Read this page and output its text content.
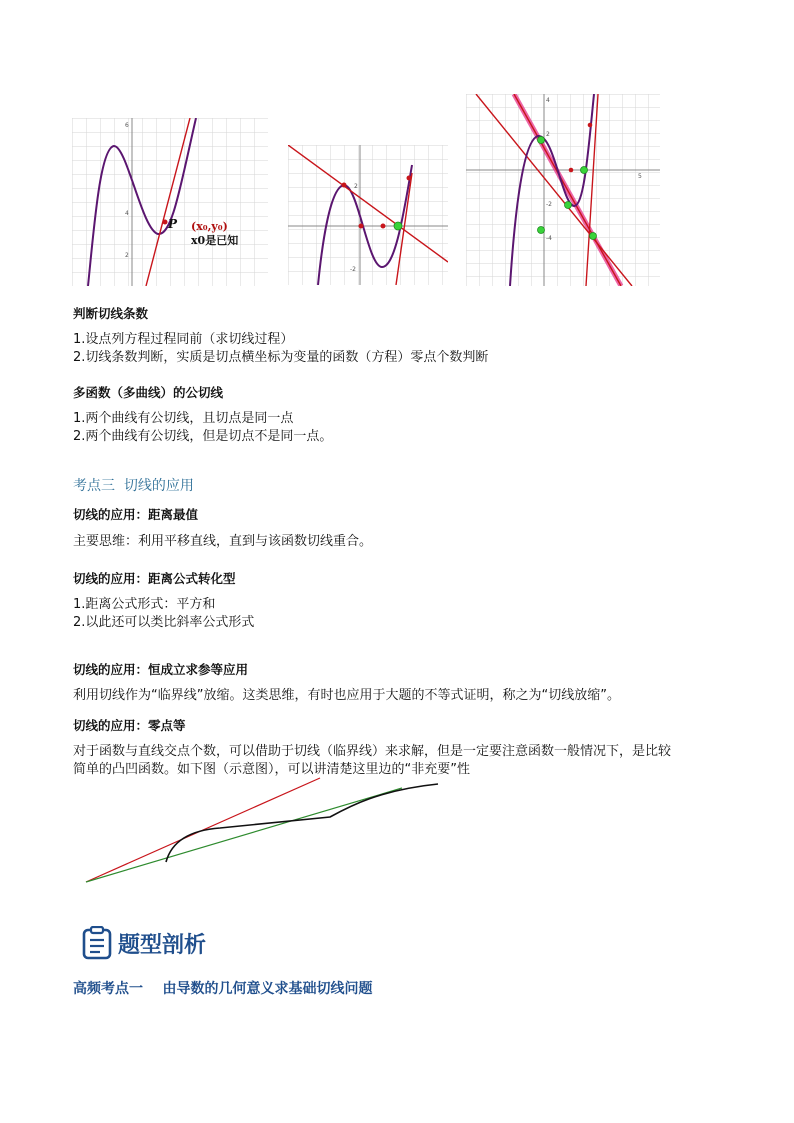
6
4
2
P (x₀,y₀)
x0是已知
2
-2
4
2
-2
-4
5
判断切线条数
1.设点列方程过程同前（求切线过程）
2.切线条数判断，实质是切点横坐标为变量的函数（方程）零点个数判断
多函数（多曲线）的公切线
1.两个曲线有公切线，且切点是同一点
2.两个曲线有公切线，但是切点不是同一点。
考点三  切线的应用
切线的应用：距离最值
主要思维：利用平移直线，直到与该函数切线重合。
切线的应用：距离公式转化型
1.距离公式形式：平方和
2.以此还可以类比斜率公式形式
切线的应用：恒成立求参等应用
利用切线作为“临界线”放缩。这类思维，有时也应用于大题的不等式证明，称之为“切线放缩”。
切线的应用：零点等
对于函数与直线交点个数，可以借助于切线（临界线）来求解，但是一定要注意函数一般情况下，是比较
简单的凸凹函数。如下图（示意图），可以讲清楚这里边的“非充要”性
题型剖析
高频考点一    由导数的几何意义求基础切线问题
